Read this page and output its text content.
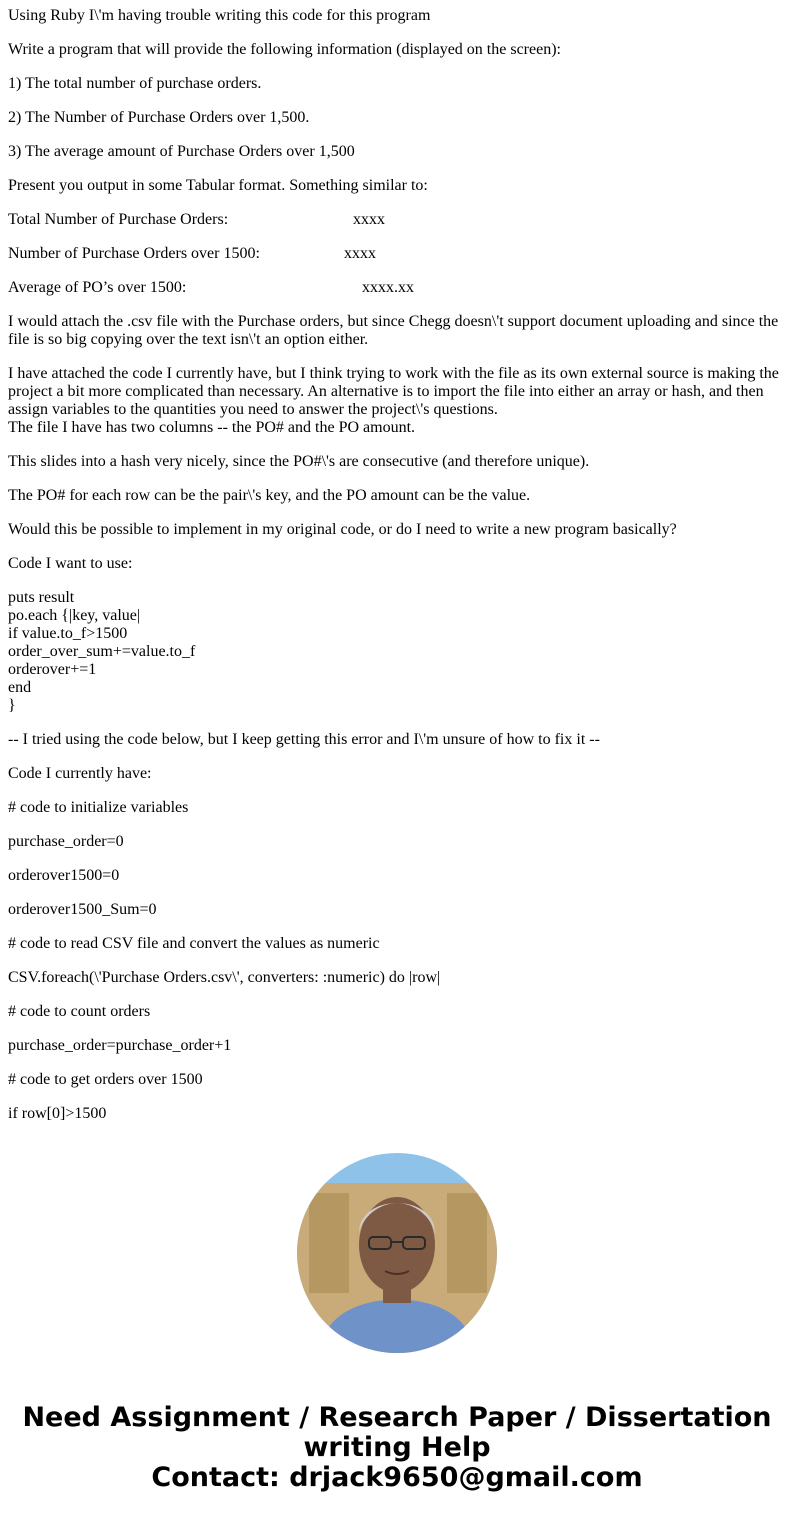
Using Ruby I\'m having trouble writing this code for this program

Write a program that will provide the following information (displayed on the screen):

1) The total number of purchase orders.

2) The Number of Purchase Orders over 1,500.

3) The average amount of Purchase Orders over 1,500

Present you output in some Tabular format. Something similar to:

Total Number of Purchase Orders:	xxxx

Number of Purchase Orders over 1500:	xxxx

Average of PO’s over 1500:	xxxx.xx

I would attach the .csv file with the Purchase orders, but since Chegg doesn\'t support document uploading and since the file is so big copying over the text isn\'t an option either.

I have attached the code I currently have, but I think trying to work with the file as its own external source is making the project a bit more complicated than necessary. An alternative is to import the file into either an array or hash, and then assign variables to the quantities you need to answer the project\'s questions.
The file I have has two columns -- the PO# and the PO amount.

This slides into a hash very nicely, since the PO#\'s are consecutive (and therefore unique).

The PO# for each row can be the pair\'s key, and the PO amount can be the value.

Would this be possible to implement in my original code, or do I need to write a new program basically?

Code I want to use:

puts result
po.each {|key, value|
if value.to_f>1500
order_over_sum+=value.to_f
orderover+=1
end
}

-- I tried using the code below, but I keep getting this error and I\'m unsure of how to fix it --

Code I currently have:

# code to initialize variables

purchase_order=0

orderover1500=0

orderover1500_Sum=0

# code to read CSV file and convert the values as numeric

CSV.foreach(\'Purchase Orders.csv\', converters: :numeric) do |row|

# code to count orders

purchase_order=purchase_order+1

# code to get orders over 1500

if row[0]>1500

Need Assignment / Research Paper / Dissertation
writing Help
Contact: drjack9650@gmail.com
